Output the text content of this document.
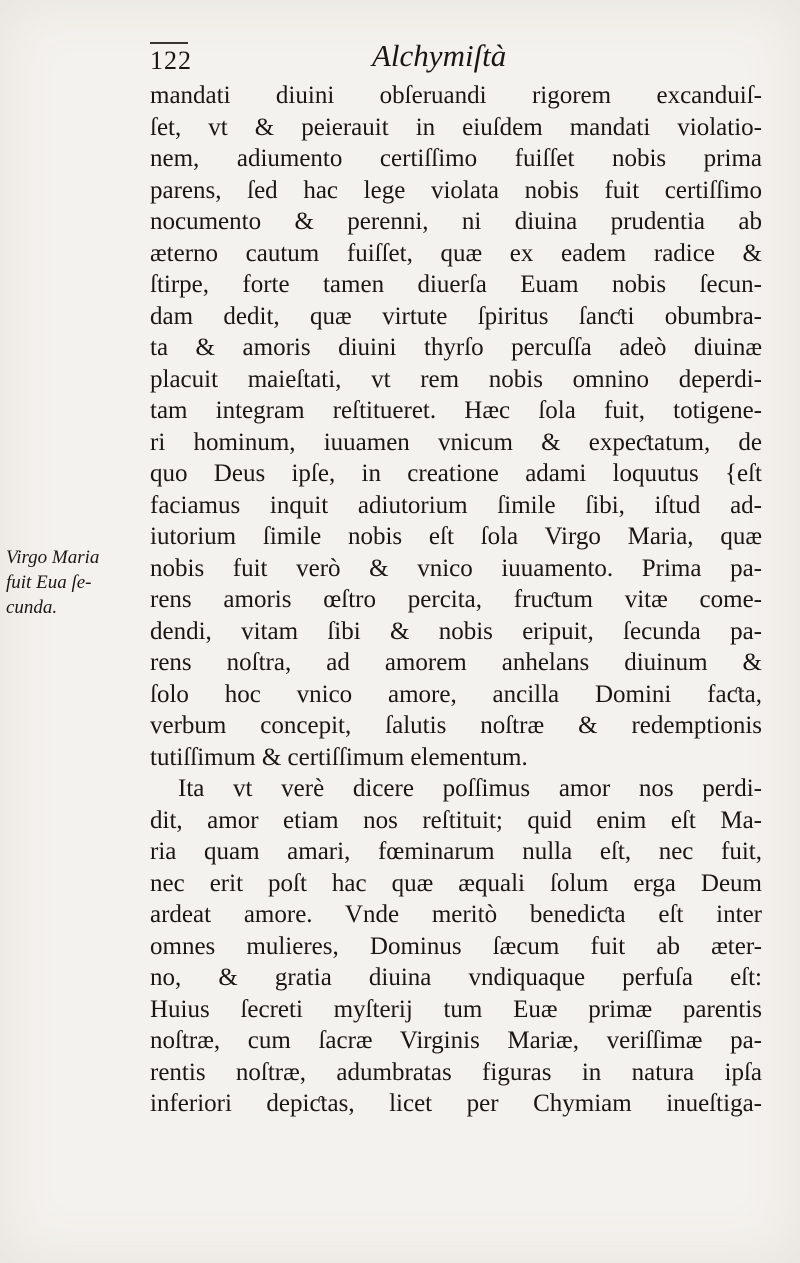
122	Alchymiſtà
Virgo Maria
fuit Eua ſe-
cunda.
mandati diuini obſeruandi rigorem excanduiſ-
ſet, vt & peierauit in eiuſdem mandati violatio-
nem, adiumento certiſſimo fuiſſet nobis prima
parens, ſed hac lege violata nobis fuit certiſſimo
nocumento & perenni, ni diuina prudentia ab
æterno cautum fuiſſet, quæ ex eadem radice &
ſtirpe, forte tamen diuerſa Euam nobis ſecun-
dam dedit, quæ virtute ſpiritus ſanƈti obumbra-
ta & amoris diuini thyrſo percuſſa adeò diuinæ
placuit maieſtati, vt rem nobis omnino deperdi-
tam integram reſtitueret. Hæc ſola fuit, totigene-
ri hominum, iuuamen vnicum & expeƈtatum, de
quo Deus ipſe, in creatione adami loquutus {eſt
faciamus inquit adiutorium ſimile ſibi, iſtud ad-
iutorium ſimile nobis eſt ſola Virgo Maria, quæ
nobis fuit verò & vnico iuuamento. Prima pa-
rens amoris œſtro percita, fruƈtum vitæ come-
dendi, vitam ſibi & nobis eripuit, ſecunda pa-
rens noſtra, ad amorem anhelans diuinum &
ſolo hoc vnico amore, ancilla Domini faƈta,
verbum concepit, ſalutis noſtræ & redemptionis
tutiſſimum & certiſſimum elementum.
Ita vt verè dicere poſſimus amor nos perdi-
dit, amor etiam nos reſtituit; quid enim eſt Ma-
ria quam amari, fœminarum nulla eſt, nec fuit,
nec erit poſt hac quæ æquali ſolum erga Deum
ardeat amore. Vnde meritò benediƈta eſt inter
omnes mulieres, Dominus ſæcum fuit ab æter-
no, & gratia diuina vndiquaque perfuſa eſt:
Huius ſecreti myſterij tum Euæ primæ parentis
noſtræ, cum ſacræ Virginis Mariæ, veriſſimæ pa-
rentis noſtræ, adumbratas figuras in natura ipſa
inferiori depiƈtas, licet per Chymiam inueſtiga-
